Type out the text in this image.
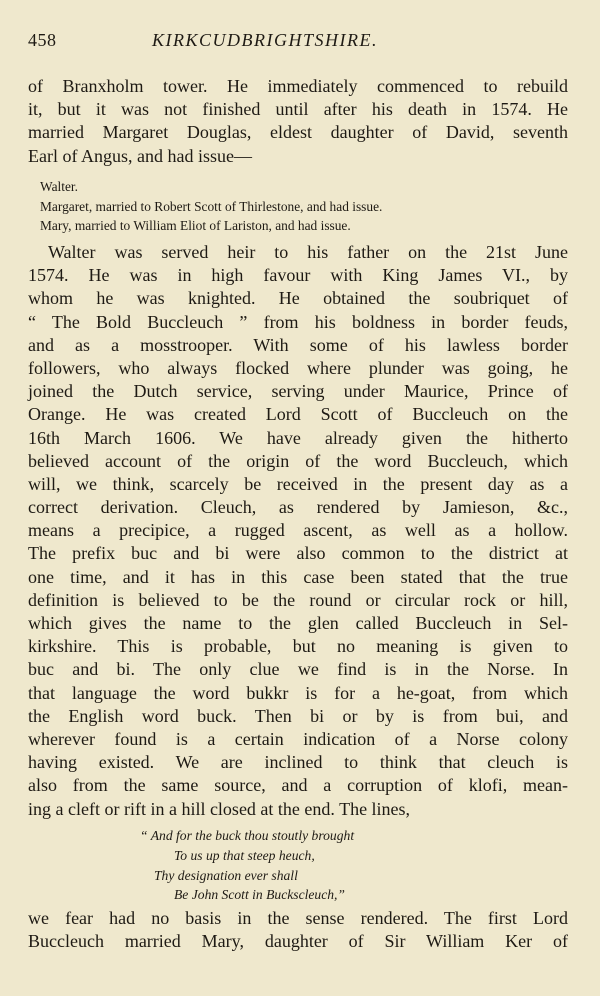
458	KIRKCUDBRIGHTSHIRE.
of Branxholm tower. He immediately commenced to rebuild
it, but it was not finished until after his death in 1574. He
married Margaret Douglas, eldest daughter of David, seventh
Earl of Angus, and had issue—
Walter.
Margaret, married to Robert Scott of Thirlestone, and had issue.
Mary, married to William Eliot of Lariston, and had issue.
Walter was served heir to his father on the 21st June
1574. He was in high favour with King James VI., by
whom he was knighted. He obtained the soubriquet of
“ The Bold Buccleuch ” from his boldness in border feuds,
and as a mosstrooper. With some of his lawless border
followers, who always flocked where plunder was going, he
joined the Dutch service, serving under Maurice, Prince of
Orange. He was created Lord Scott of Buccleuch on the
16th March 1606. We have already given the hitherto
believed account of the origin of the word Buccleuch, which
will, we think, scarcely be received in the present day as a
correct derivation. Cleuch, as rendered by Jamieson, &c.,
means a precipice, a rugged ascent, as well as a hollow.
The prefix buc and bi were also common to the district at
one time, and it has in this case been stated that the true
definition is believed to be the round or circular rock or hill,
which gives the name to the glen called Buccleuch in Sel-
kirkshire. This is probable, but no meaning is given to
buc and bi. The only clue we find is in the Norse. In
that language the word bukkr is for a he-goat, from which
the English word buck. Then bi or by is from bui, and
wherever found is a certain indication of a Norse colony
having existed. We are inclined to think that cleuch is
also from the same source, and a corruption of klofi, mean-
ing a cleft or rift in a hill closed at the end. The lines,
“ And for the buck thou stoutly brought
To us up that steep heuch,
Thy designation ever shall
Be John Scott in Buckscleuch,”
we fear had no basis in the sense rendered. The first Lord
Buccleuch married Mary, daughter of Sir William Ker of
